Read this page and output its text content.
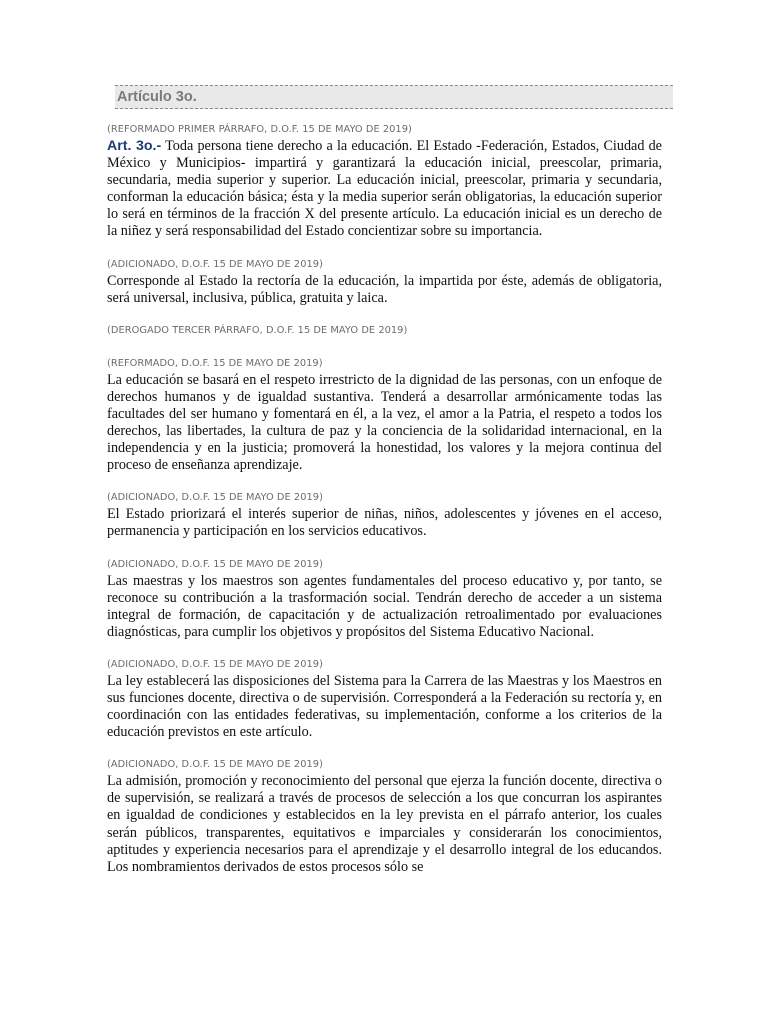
Artículo 3o.
(REFORMADO PRIMER PÁRRAFO, D.O.F. 15 DE MAYO DE 2019)

Art. 3o.- Toda persona tiene derecho a la educación. El Estado -Federación, Estados, Ciudad de México y Municipios- impartirá y garantizará la educación inicial, preescolar, primaria, secundaria, media superior y superior. La educación inicial, preescolar, primaria y secundaria, conforman la educación básica; ésta y la media superior serán obligatorias, la educación superior lo será en términos de la fracción X del presente artículo. La educación inicial es un derecho de la niñez y será responsabilidad del Estado concientizar sobre su importancia.

(ADICIONADO, D.O.F. 15 DE MAYO DE 2019)

Corresponde al Estado la rectoría de la educación, la impartida por éste, además de obligatoria, será universal, inclusiva, pública, gratuita y laica.

(DEROGADO TERCER PÁRRAFO, D.O.F. 15 DE MAYO DE 2019)
(REFORMADO, D.O.F. 15 DE MAYO DE 2019)

La educación se basará en el respeto irrestricto de la dignidad de las personas, con un enfoque de derechos humanos y de igualdad sustantiva. Tenderá a desarrollar armónicamente todas las facultades del ser humano y fomentará en él, a la vez, el amor a la Patria, el respeto a todos los derechos, las libertades, la cultura de paz y la conciencia de la solidaridad internacional, en la independencia y en la justicia; promoverá la honestidad, los valores y la mejora continua del proceso de enseñanza aprendizaje.

(ADICIONADO, D.O.F. 15 DE MAYO DE 2019)

El Estado priorizará el interés superior de niñas, niños, adolescentes y jóvenes en el acceso, permanencia y participación en los servicios educativos.

(ADICIONADO, D.O.F. 15 DE MAYO DE 2019)

Las maestras y los maestros son agentes fundamentales del proceso educativo y, por tanto, se reconoce su contribución a la trasformación social. Tendrán derecho de acceder a un sistema integral de formación, de capacitación y de actualización retroalimentado por evaluaciones diagnósticas, para cumplir los objetivos y propósitos del Sistema Educativo Nacional.

(ADICIONADO, D.O.F. 15 DE MAYO DE 2019)

La ley establecerá las disposiciones del Sistema para la Carrera de las Maestras y los Maestros en sus funciones docente, directiva o de supervisión. Corresponderá a la Federación su rectoría y, en coordinación con las entidades federativas, su implementación, conforme a los criterios de la educación previstos en este artículo.

(ADICIONADO, D.O.F. 15 DE MAYO DE 2019)

La admisión, promoción y reconocimiento del personal que ejerza la función docente, directiva o de supervisión, se realizará a través de procesos de selección a los que concurran los aspirantes en igualdad de condiciones y establecidos en la ley prevista en el párrafo anterior, los cuales serán públicos, transparentes, equitativos e imparciales y considerarán los conocimientos, aptitudes y experiencia necesarios para el aprendizaje y el desarrollo integral de los educandos. Los nombramientos derivados de estos procesos sólo se
